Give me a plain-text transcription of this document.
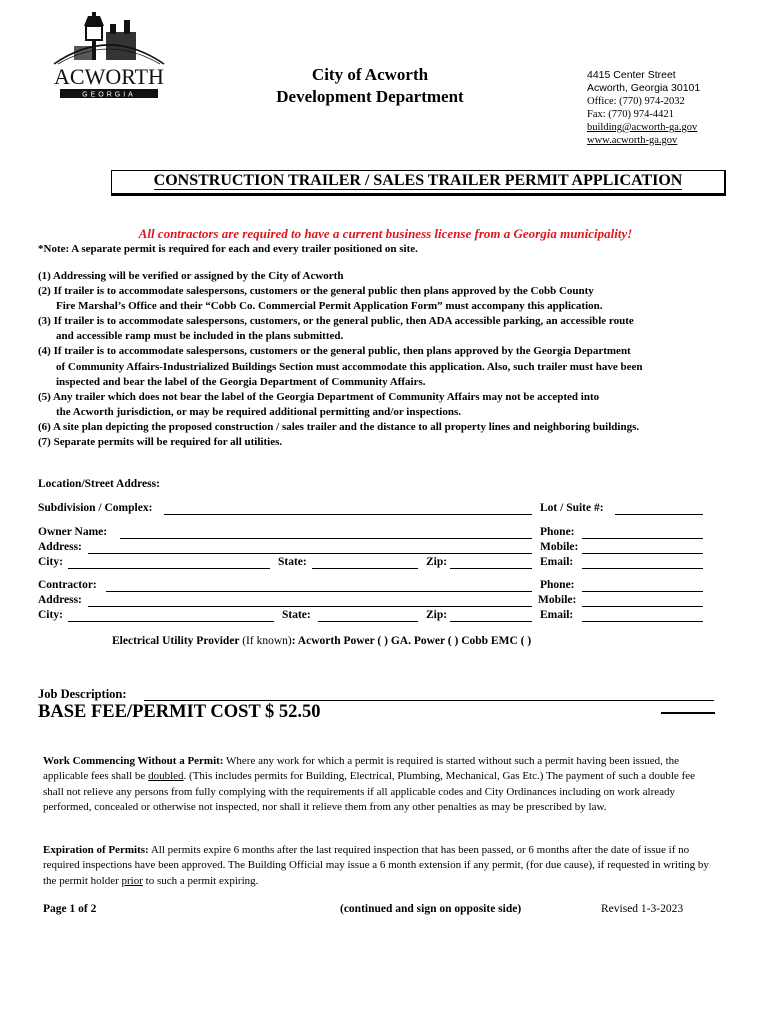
ACWORTH
GEORGIA
City of Acworth
Development Department
4415 Center Street
Acworth, Georgia 30101
Office: (770) 974-2032
Fax: (770) 974-4421
building@acworth-ga.gov
www.acworth-ga.gov
CONSTRUCTION TRAILER / SALES TRAILER PERMIT APPLICATION
All contractors are required to have a current business license from a Georgia municipality!
*Note: A separate permit is required for each and every trailer positioned on site.
(1) Addressing will be verified or assigned by the City of Acworth
(2) If trailer is to accommodate salespersons, customers or the general public then plans approved by the Cobb County
Fire Marshal’s Office and their “Cobb Co. Commercial Permit Application Form” must accompany this application.
(3) If trailer is to accommodate salespersons, customers, or the general public, then ADA accessible parking, an accessible route
and accessible ramp must be included in the plans submitted.
(4) If trailer is to accommodate salespersons, customers or the general public, then plans approved by the Georgia Department
of Community Affairs-Industrialized Buildings Section must accommodate this application. Also, such trailer must have been
inspected and bear the label of the Georgia Department of Community Affairs.
(5) Any trailer which does not bear the label of the Georgia Department of Community Affairs may not be accepted into
the Acworth jurisdiction, or may be required additional permitting and/or inspections.
(6) A site plan depicting the proposed construction / sales trailer and the distance to all property lines and neighboring buildings.
(7) Separate permits will be required for all utilities.
Location/Street Address:
Subdivision / Complex:	Lot / Suite #:
Owner Name:	Phone:
Address:	Mobile:
City:	State:	Zip:	Email:
Contractor:	Phone:
Address:	Mobile:
City:	State:	Zip:	Email:
Electrical Utility Provider (If known): Acworth Power ( ) GA. Power ( ) Cobb EMC ( )
Job Description:
BASE FEE/PERMIT COST $ 52.50
Work Commencing Without a Permit: Where any work for which a permit is required is started without such a permit having been issued, the applicable fees shall be doubled. (This includes permits for Building, Electrical, Plumbing, Mechanical, Gas Etc.) The payment of such a double fee shall not relieve any persons from fully complying with the requirements if all applicable codes and City Ordinances including on work already performed, concealed or otherwise not inspected, nor shall it relieve them from any other penalties as may be prescribed by law.
Expiration of Permits: All permits expire 6 months after the last required inspection that has been passed, or 6 months after the date of issue if no required inspections have been approved. The Building Official may issue a 6 month extension if any permit, (for due cause), if requested in writing by the permit holder prior to such a permit expiring.
Page 1 of 2	(continued and sign on opposite side)	Revised 1-3-2023
